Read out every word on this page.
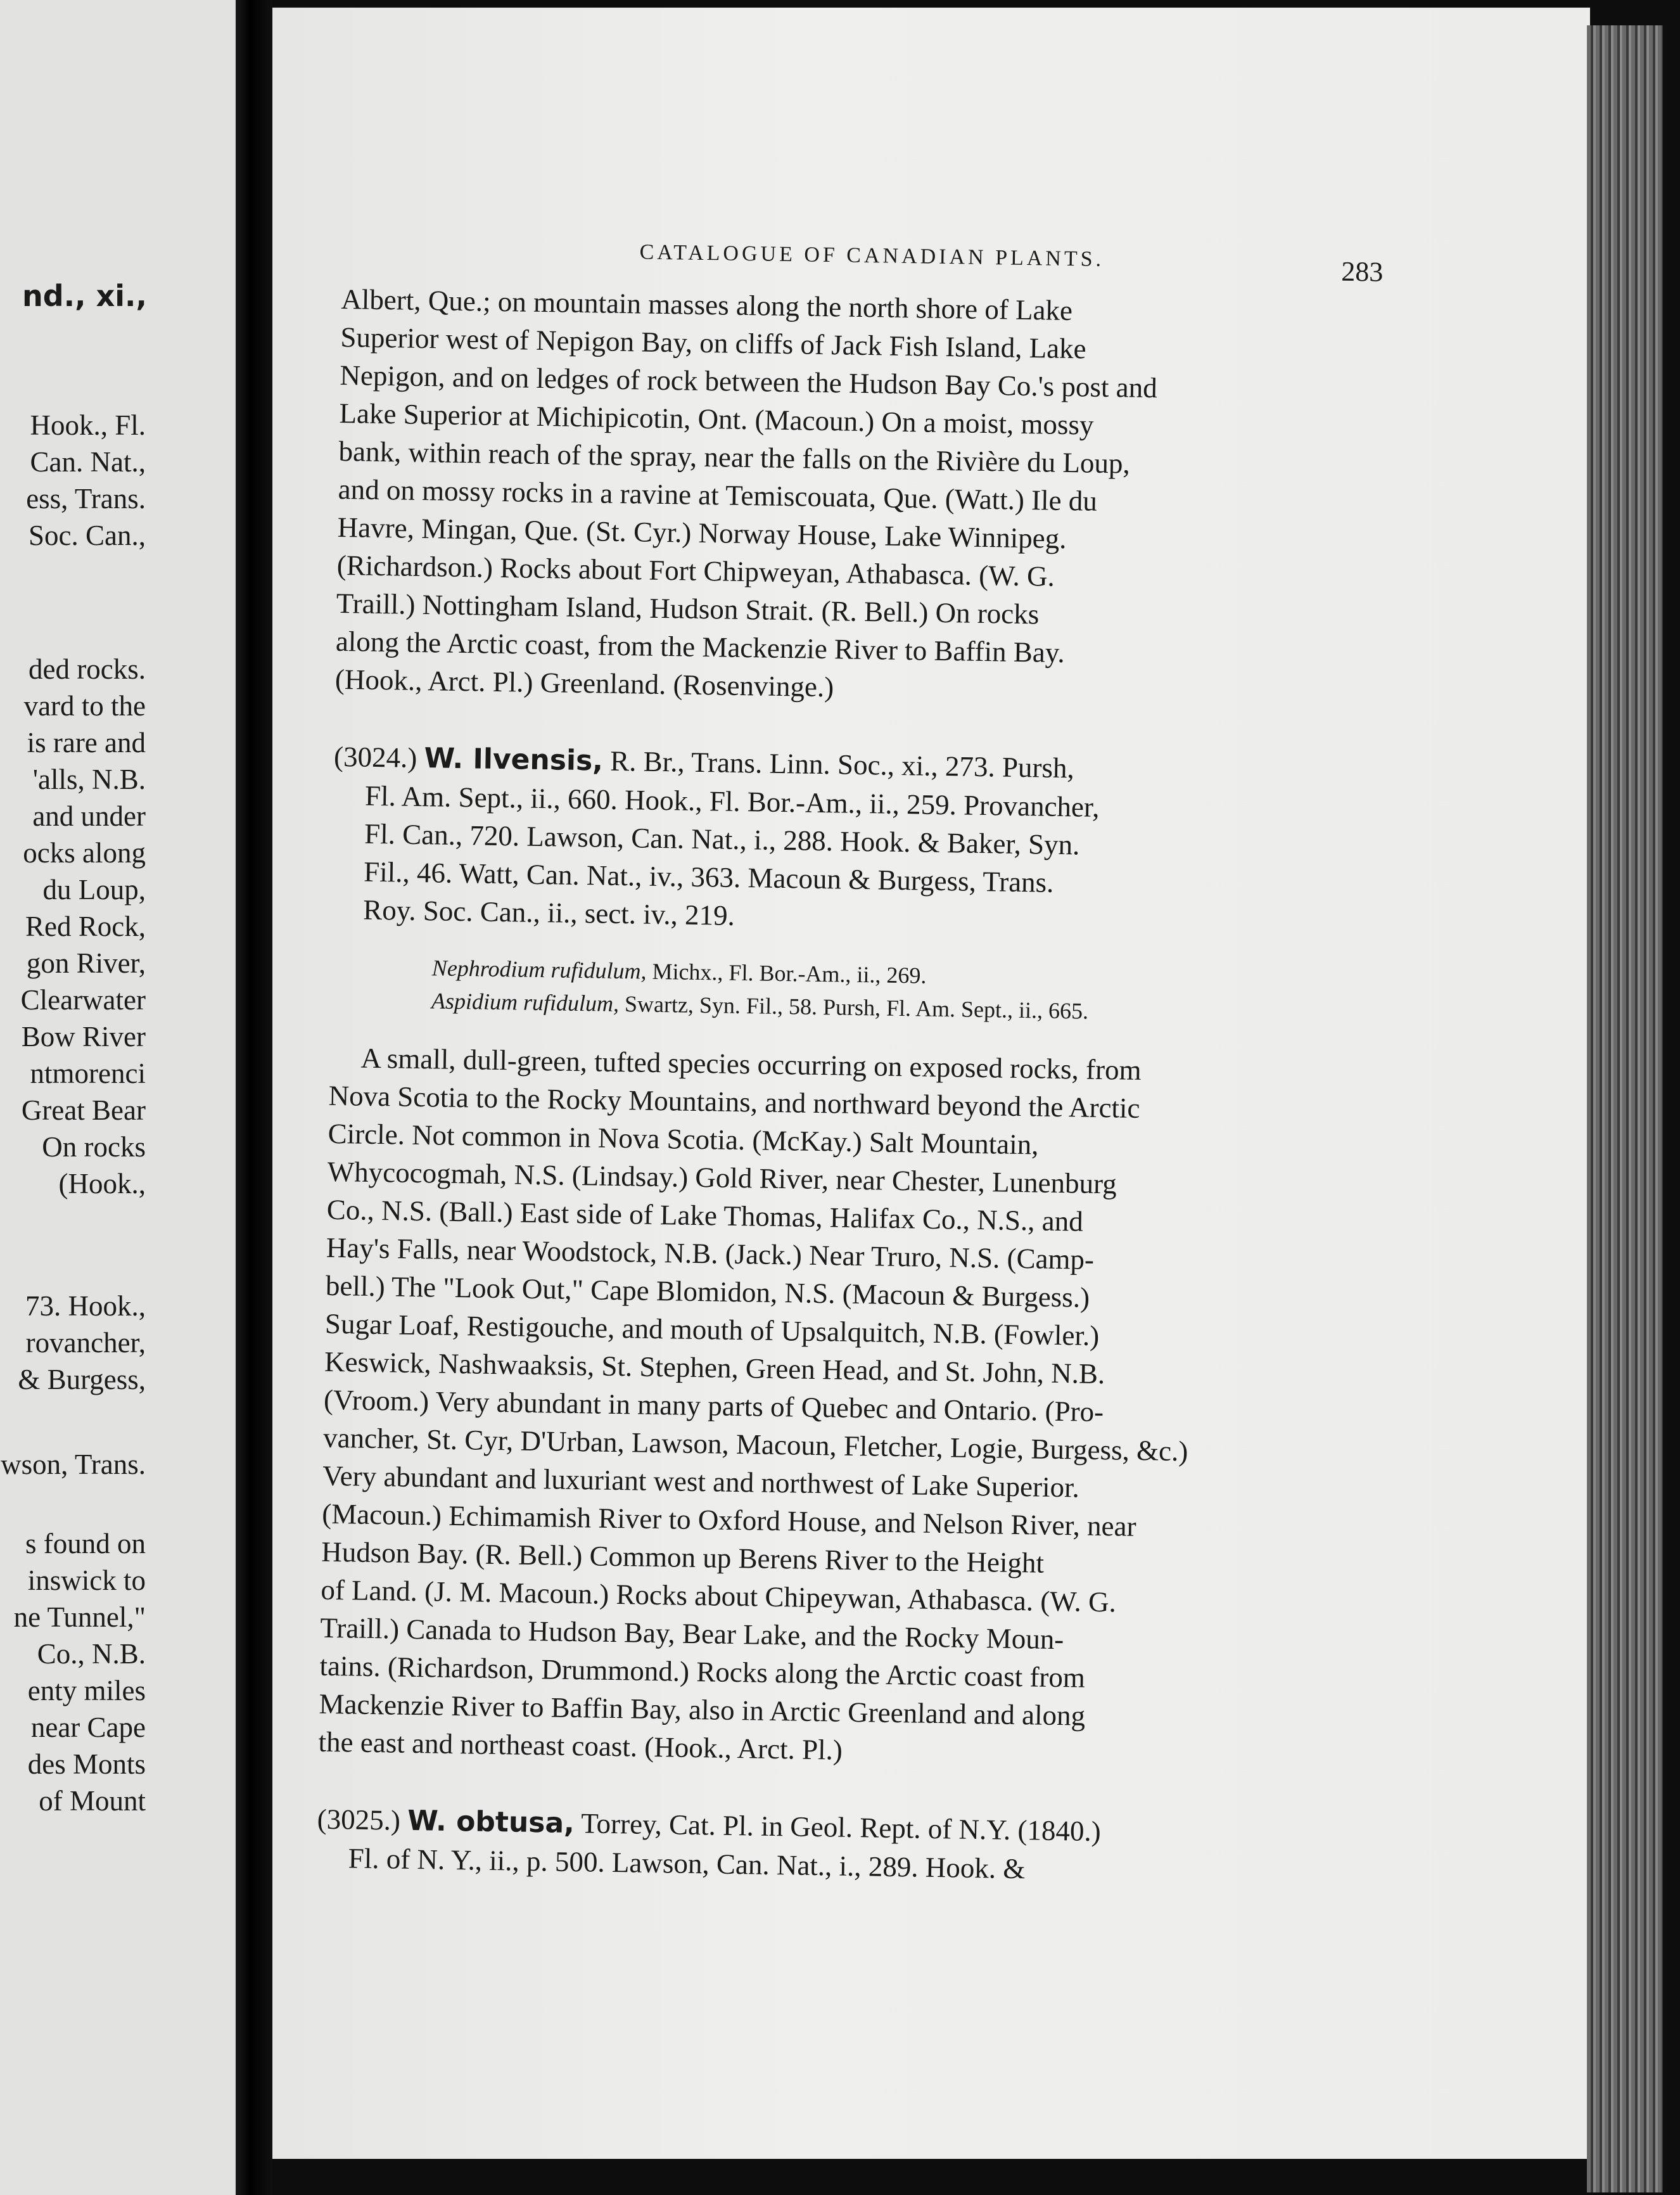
nd., xi.,
Hook., Fl.
Can. Nat.,
ess, Trans.
Soc. Can.,
ded rocks.
vard to the
is rare and
'alls, N.B.
and under
ocks along
du Loup,
Red Rock,
gon River,
Clearwater
Bow River
ntmorenci
Great Bear
On rocks
(Hook.,
73. Hook.,
rovancher,
& Burgess,
wson, Trans.
s found on
inswick to
ne Tunnel,"
Co., N.B.
enty miles
near Cape
des Monts
of Mount
CATALOGUE OF CANADIAN PLANTS.
283

Albert, Que.; on mountain masses along the north shore of Lake

Superior west of Nepigon Bay, on cliffs of Jack Fish Island, Lake

Nepigon, and on ledges of rock between the Hudson Bay Co.'s post and

Lake Superior at Michipicotin, Ont. (Macoun.) On a moist, mossy

bank, within reach of the spray, near the falls on the Rivière du Loup,

and on mossy rocks in a ravine at Temiscouata, Que. (Watt.) Ile du

Havre, Mingan, Que. (St. Cyr.) Norway House, Lake Winnipeg.

(Richardson.) Rocks about Fort Chipweyan, Athabasca. (W. G.

Traill.) Nottingham Island, Hudson Strait. (R. Bell.) On rocks

along the Arctic coast, from the Mackenzie River to Baffin Bay.

(Hook., Arct. Pl.) Greenland. (Rosenvinge.)

(3024.) W. Ilvensis, R. Br., Trans. Linn. Soc., xi., 273. Pursh,

Fl. Am. Sept., ii., 660. Hook., Fl. Bor.-Am., ii., 259. Provancher,

Fl. Can., 720. Lawson, Can. Nat., i., 288. Hook. & Baker, Syn.

Fil., 46. Watt, Can. Nat., iv., 363. Macoun & Burgess, Trans.

Roy. Soc. Can., ii., sect. iv., 219.

Nephrodium rufidulum, Michx., Fl. Bor.-Am., ii., 269.

Aspidium rufidulum, Swartz, Syn. Fil., 58. Pursh, Fl. Am. Sept., ii., 665.

A small, dull-green, tufted species occurring on exposed rocks, from

Nova Scotia to the Rocky Mountains, and northward beyond the Arctic

Circle. Not common in Nova Scotia. (McKay.) Salt Mountain,

Whycocogmah, N.S. (Lindsay.) Gold River, near Chester, Lunenburg

Co., N.S. (Ball.) East side of Lake Thomas, Halifax Co., N.S., and

Hay's Falls, near Woodstock, N.B. (Jack.) Near Truro, N.S. (Camp-

bell.) The "Look Out," Cape Blomidon, N.S. (Macoun & Burgess.)

Sugar Loaf, Restigouche, and mouth of Upsalquitch, N.B. (Fowler.)

Keswick, Nashwaaksis, St. Stephen, Green Head, and St. John, N.B.

(Vroom.) Very abundant in many parts of Quebec and Ontario. (Pro-

vancher, St. Cyr, D'Urban, Lawson, Macoun, Fletcher, Logie, Burgess, &c.)

Very abundant and luxuriant west and northwest of Lake Superior.

(Macoun.) Echimamish River to Oxford House, and Nelson River, near

Hudson Bay. (R. Bell.) Common up Berens River to the Height

of Land. (J. M. Macoun.) Rocks about Chipeywan, Athabasca. (W. G.

Traill.) Canada to Hudson Bay, Bear Lake, and the Rocky Moun-

tains. (Richardson, Drummond.) Rocks along the Arctic coast from

Mackenzie River to Baffin Bay, also in Arctic Greenland and along

the east and northeast coast. (Hook., Arct. Pl.)

(3025.) W. obtusa, Torrey, Cat. Pl. in Geol. Rept. of N.Y. (1840.)

Fl. of N. Y., ii., p. 500. Lawson, Can. Nat., i., 289. Hook. &
